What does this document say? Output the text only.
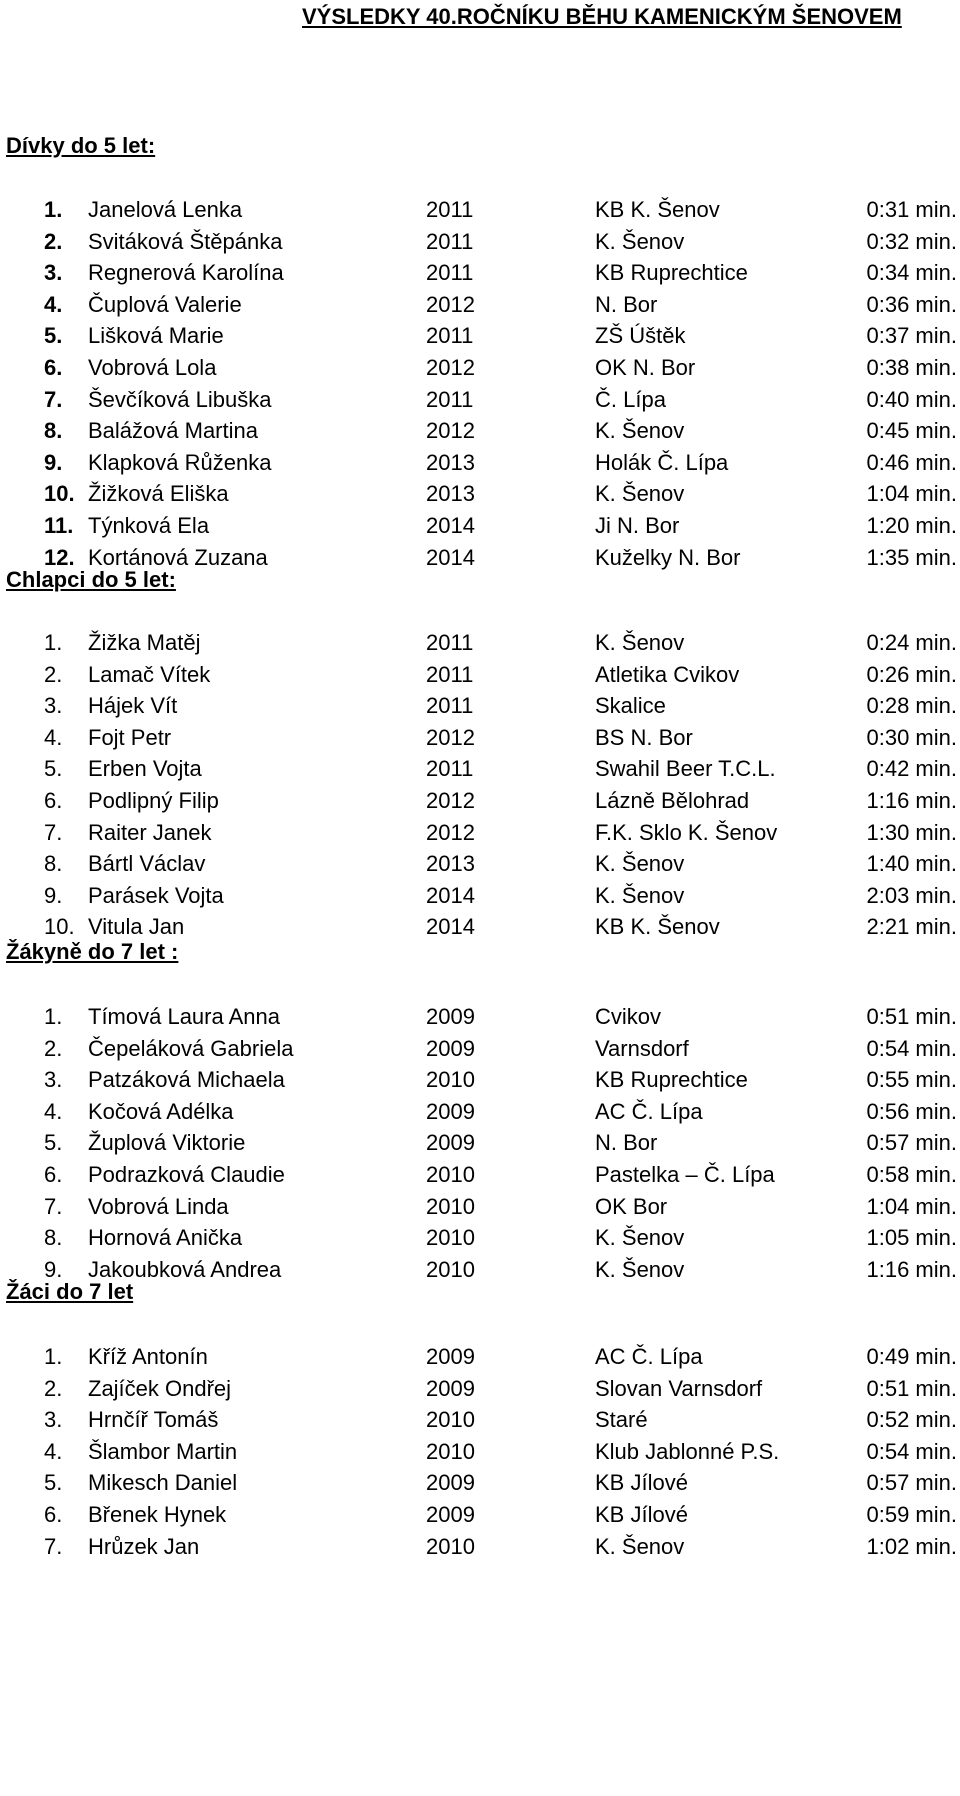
VÝSLEDKY 40.ROČNÍKU BĚHU KAMENICKÝM ŠENOVEM
Dívky do 5 let:
1. Janelová Lenka	2011	KB K. Šenov	0:31 min.
2. Svitáková Štěpánka	2011	K. Šenov	0:32 min.
3. Regnerová Karolína	2011	KB Ruprechtice	0:34 min.
4. Čuplová Valerie	2012	N. Bor	0:36 min.
5. Lišková Marie	2011	ZŠ Úštěk	0:37 min.
6. Vobrová Lola	2012	OK N. Bor	0:38 min.
7. Ševčíková Libuška	2011	Č. Lípa	0:40 min.
8. Balážová Martina	2012	K. Šenov	0:45 min.
9. Klapková Růženka	2013	Holák Č. Lípa	0:46 min.
10. Žižková Eliška	2013	K. Šenov	1:04 min.
11. Týnková Ela	2014	Ji N. Bor	1:20 min.
12. Kortánová Zuzana	2014	Kuželky N. Bor	1:35 min.
Chlapci do 5 let:
1. Žižka Matěj	2011	K. Šenov	0:24 min.
2. Lamač Vítek	2011	Atletika Cvikov	0:26 min.
3. Hájek Vít	2011	Skalice	0:28 min.
4. Fojt Petr	2012	BS N. Bor	0:30 min.
5. Erben Vojta	2011	Swahil Beer T.C.L.	0:42 min.
6. Podlipný Filip	2012	Lázně Bělohrad	1:16 min.
7. Raiter Janek	2012	F.K. Sklo K. Šenov	1:30 min.
8. Bártl Václav	2013	K. Šenov	1:40 min.
9. Parásek Vojta	2014	K. Šenov	2:03 min.
10. Vitula Jan	2014	KB K. Šenov	2:21 min.
Žákyně do 7 let :
1. Tímová Laura Anna	2009	Cvikov	0:51 min.
2. Čepeláková Gabriela	2009	Varnsdorf	0:54 min.
3. Patzáková Michaela	2010	KB Ruprechtice	0:55 min.
4. Kočová Adélka	2009	AC Č. Lípa	0:56 min.
5. Župlová Viktorie	2009	N. Bor	0:57 min.
6. Podrazková Claudie	2010	Pastelka – Č. Lípa	0:58 min.
7. Vobrová Linda	2010	OK Bor	1:04 min.
8. Hornová Anička	2010	K. Šenov	1:05 min.
9. Jakoubková Andrea	2010	K. Šenov	1:16 min.
Žáci do 7 let
1. Kříž Antonín	2009	AC Č. Lípa	0:49 min.
2. Zajíček Ondřej	2009	Slovan Varnsdorf	0:51 min.
3. Hrnčíř Tomáš	2010	Staré	0:52 min.
4. Šlambor Martin	2010	Klub Jablonné P.S.	0:54 min.
5. Mikesch Daniel	2009	KB Jílové	0:57 min.
6. Břenek Hynek	2009	KB Jílové	0:59 min.
7. Hrůzek Jan	2010	K. Šenov	1:02 min.
